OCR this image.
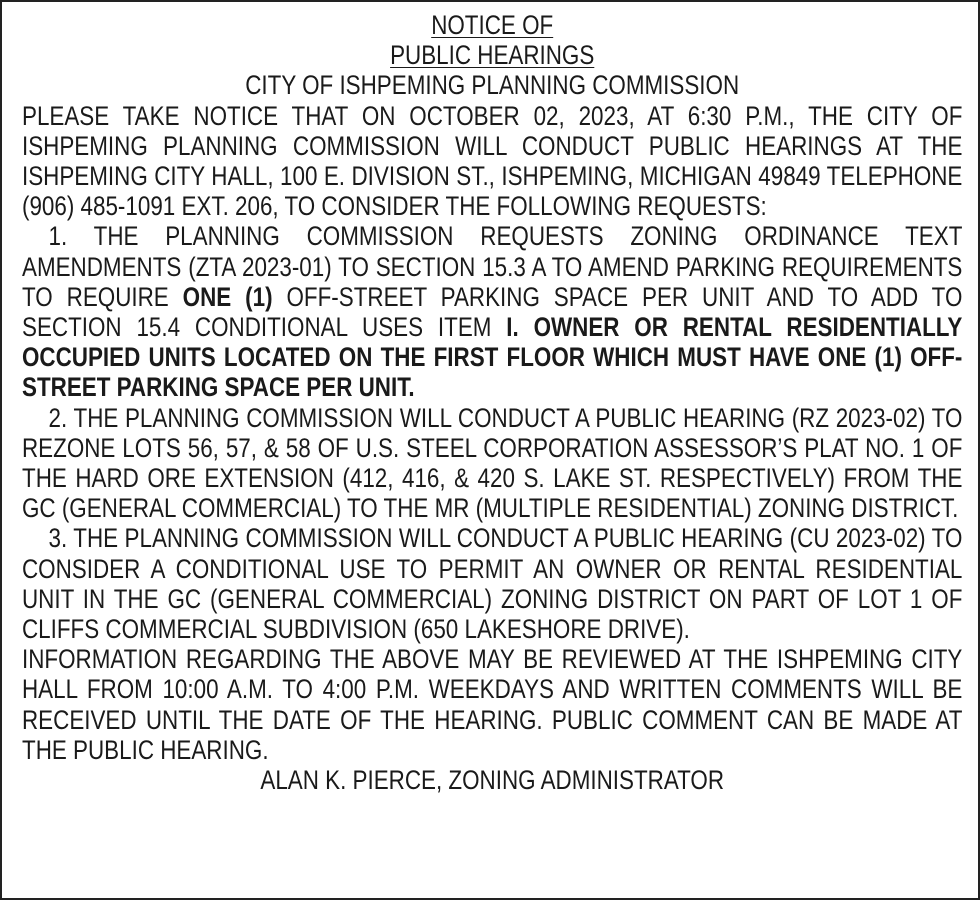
NOTICE OF
PUBLIC HEARINGS
CITY OF ISHPEMING PLANNING COMMISSION
PLEASE TAKE NOTICE THAT ON OCTOBER 02, 2023, AT 6:30 P.M., THE CITY OF ISHPEMING PLANNING COMMISSION WILL CONDUCT PUBLIC HEARINGS AT THE ISHPEMING CITY HALL, 100 E. DIVISION ST., ISHPEMING, MICHIGAN 49849 TELEPHONE (906) 485-1091 EXT. 206, TO CONSIDER THE FOLLOWING REQUESTS:
1. THE PLANNING COMMISSION REQUESTS ZONING ORDINANCE TEXT AMENDMENTS (ZTA 2023-01) TO SECTION 15.3 A TO AMEND PARKING REQUIREMENTS TO REQUIRE ONE (1) OFF-STREET PARKING SPACE PER UNIT AND TO ADD TO SECTION 15.4 CONDITIONAL USES ITEM I. OWNER OR RENTAL RESIDENTIALLY OCCUPIED UNITS LOCATED ON THE FIRST FLOOR WHICH MUST HAVE ONE (1) OFF-STREET PARKING SPACE PER UNIT.
2. THE PLANNING COMMISSION WILL CONDUCT A PUBLIC HEARING (RZ 2023-02) TO REZONE LOTS 56, 57, & 58 OF U.S. STEEL CORPORATION ASSESSOR’S PLAT NO. 1 OF THE HARD ORE EXTENSION (412, 416, & 420 S. LAKE ST. RESPECTIVELY) FROM THE GC (GENERAL COMMERCIAL) TO THE MR (MULTIPLE RESIDENTIAL) ZONING DISTRICT.
3. THE PLANNING COMMISSION WILL CONDUCT A PUBLIC HEARING (CU 2023-02) TO CONSIDER A CONDITIONAL USE TO PERMIT AN OWNER OR RENTAL RESIDENTIAL UNIT IN THE GC (GENERAL COMMERCIAL) ZONING DISTRICT ON PART OF LOT 1 OF CLIFFS COMMERCIAL SUBDIVISION (650 LAKESHORE DRIVE).
INFORMATION REGARDING THE ABOVE MAY BE REVIEWED AT THE ISHPEMING CITY HALL FROM 10:00 A.M. TO 4:00 P.M. WEEKDAYS AND WRITTEN COMMENTS WILL BE RECEIVED UNTIL THE DATE OF THE HEARING. PUBLIC COMMENT CAN BE MADE AT THE PUBLIC HEARING.
ALAN K. PIERCE, ZONING ADMINISTRATOR
